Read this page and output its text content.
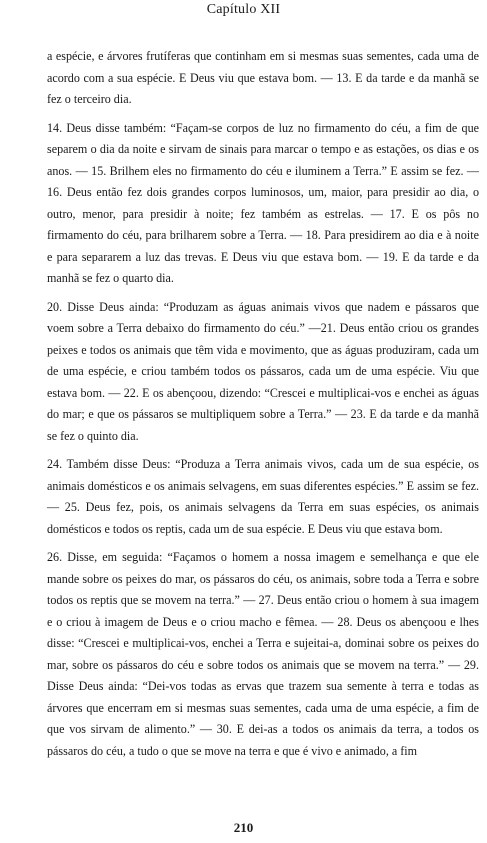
Capítulo XII

a espécie, e árvores frutíferas que continham em si mesmas suas sementes, cada uma de acordo com a sua espécie. E Deus viu que estava bom. — 13. E da tarde e da manhã se fez o terceiro dia.

14. Deus disse também: “Façam-se corpos de luz no firmamento do céu, a fim de que separem o dia da noite e sirvam de sinais para marcar o tempo e as estações, os dias e os anos. — 15. Brilhem eles no firmamento do céu e iluminem a Terra.” E assim se fez. — 16. Deus então fez dois grandes corpos luminosos, um, maior, para presidir ao dia, o outro, menor, para presidir à noite; fez também as estrelas. — 17. E os pôs no firmamento do céu, para brilharem sobre a Terra. — 18. Para presidirem ao dia e à noite e para separarem a luz das trevas. E Deus viu que estava bom. — 19. E da tarde e da manhã se fez o quarto dia.

20. Disse Deus ainda: “Produzam as águas animais vivos que nadem e pássaros que voem sobre a Terra debaixo do firmamento do céu.” —21. Deus então criou os grandes peixes e todos os animais que têm vida e movimento, que as águas produziram, cada um de uma espécie, e criou também todos os pássaros, cada um de uma espécie. Viu que estava bom. — 22. E os abençoou, dizendo: “Crescei e multiplicai-vos e enchei as águas do mar; e que os pássaros se multipliquem sobre a Terra.” — 23. E da tarde e da manhã se fez o quinto dia.

24. Também disse Deus: “Produza a Terra animais vivos, cada um de sua espécie, os animais domésticos e os animais selvagens, em suas diferentes espécies.” E assim se fez. — 25. Deus fez, pois, os animais selvagens da Terra em suas espécies, os animais domésticos e todos os reptis, cada um de sua espécie. E Deus viu que estava bom.

26. Disse, em seguida: “Façamos o homem a nossa imagem e semelhança e que ele mande sobre os peixes do mar, os pássaros do céu, os animais, sobre toda a Terra e sobre todos os reptis que se movem na terra.” — 27. Deus então criou o homem à sua imagem e o criou à imagem de Deus e o criou macho e fêmea. — 28. Deus os abençoou e lhes disse: “Crescei e multiplicai-vos, enchei a Terra e sujeitai-a, dominai sobre os peixes do mar, sobre os pássaros do céu e sobre todos os animais que se movem na terra.” — 29. Disse Deus ainda: “Dei-vos todas as ervas que trazem sua semente à terra e todas as árvores que encerram em si mesmas suas sementes, cada uma de uma espécie, a fim de que vos sirvam de alimento.” — 30. E dei-as a todos os animais da terra, a todos os pássaros do céu, a tudo o que se move na terra e que é vivo e animado, a fim

210
